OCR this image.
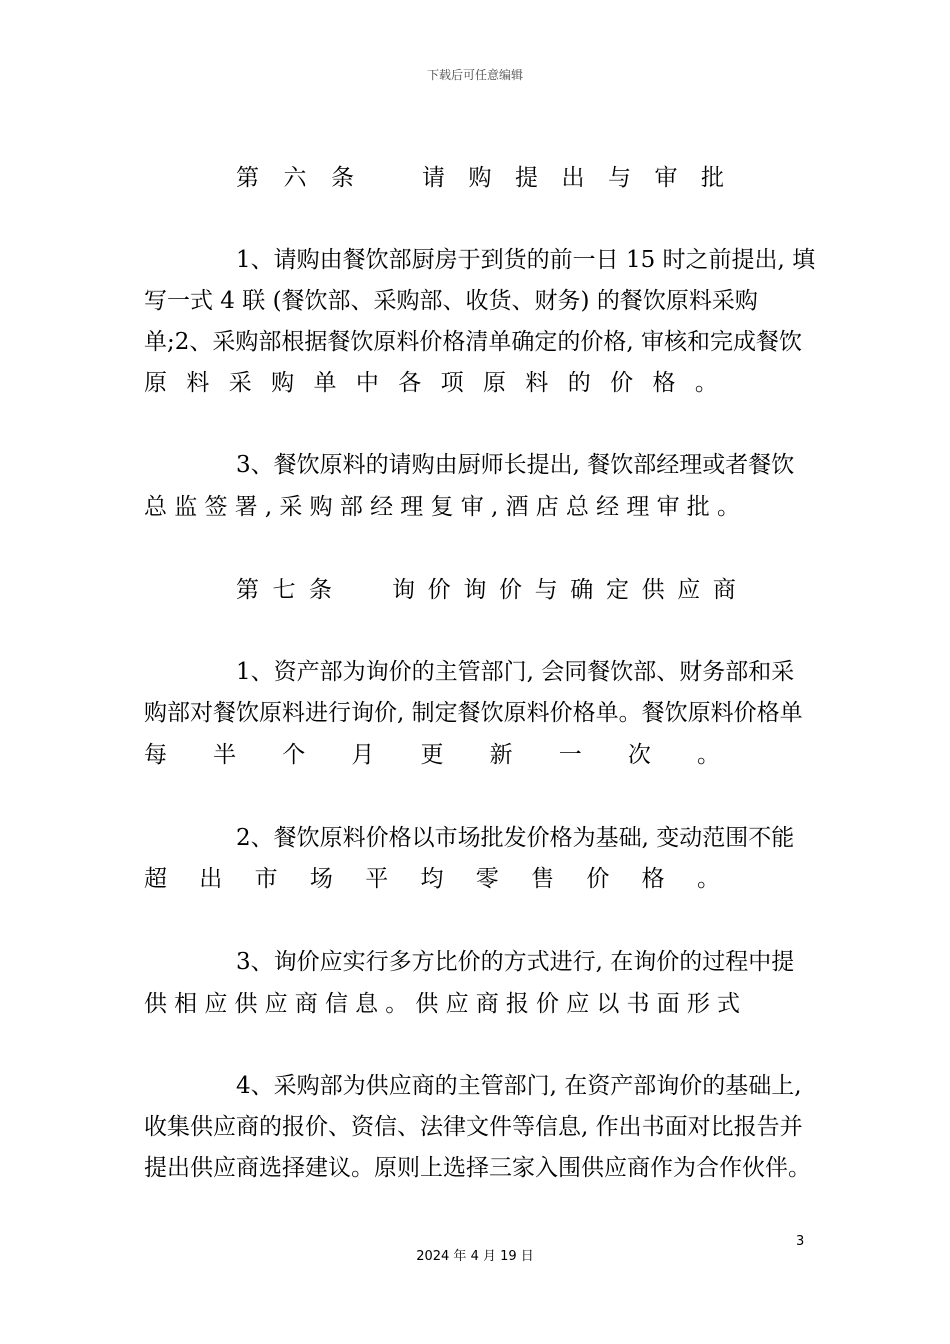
下载后可任意编辑
第 六 条	请 购 提 出 与 审 批
1、请购由餐饮部厨房于到货的前一日 15 时之前提出, 填
写一式 4 联 (餐饮部、采购部、收货、财务) 的餐饮原料采购
单;2、采购部根据餐饮原料价格清单确定的价格, 审核和完成餐饮
原 料 采 购 单 中 各 项 原 料 的 价 格 。
3、餐饮原料的请购由厨师长提出, 餐饮部经理或者餐饮
总 监 签 署 , 采 购 部 经 理 复 审 , 酒 店 总 经 理 审 批 。
第 七 条	询 价 询 价 与 确 定 供 应 商
1、资产部为询价的主管部门, 会同餐饮部、财务部和采
购部对餐饮原料进行询价, 制定餐饮原料价格单。餐饮原料价格单
每 半 个 月 更 新 一 次 。
2、餐饮原料价格以市场批发价格为基础, 变动范围不能
超 出 市 场 平 均 零 售 价 格 。
3、询价应实行多方比价的方式进行, 在询价的过程中提
供 相 应 供 应 商 信 息 。 供 应 商 报 价 应 以 书 面 形 式
4、采购部为供应商的主管部门, 在资产部询价的基础上,
收集供应商的报价、资信、法律文件等信息, 作出书面对比报告并
提出供应商选择建议。原则上选择三家入围供应商作为合作伙伴。
3
2024 年 4 月 19 日
